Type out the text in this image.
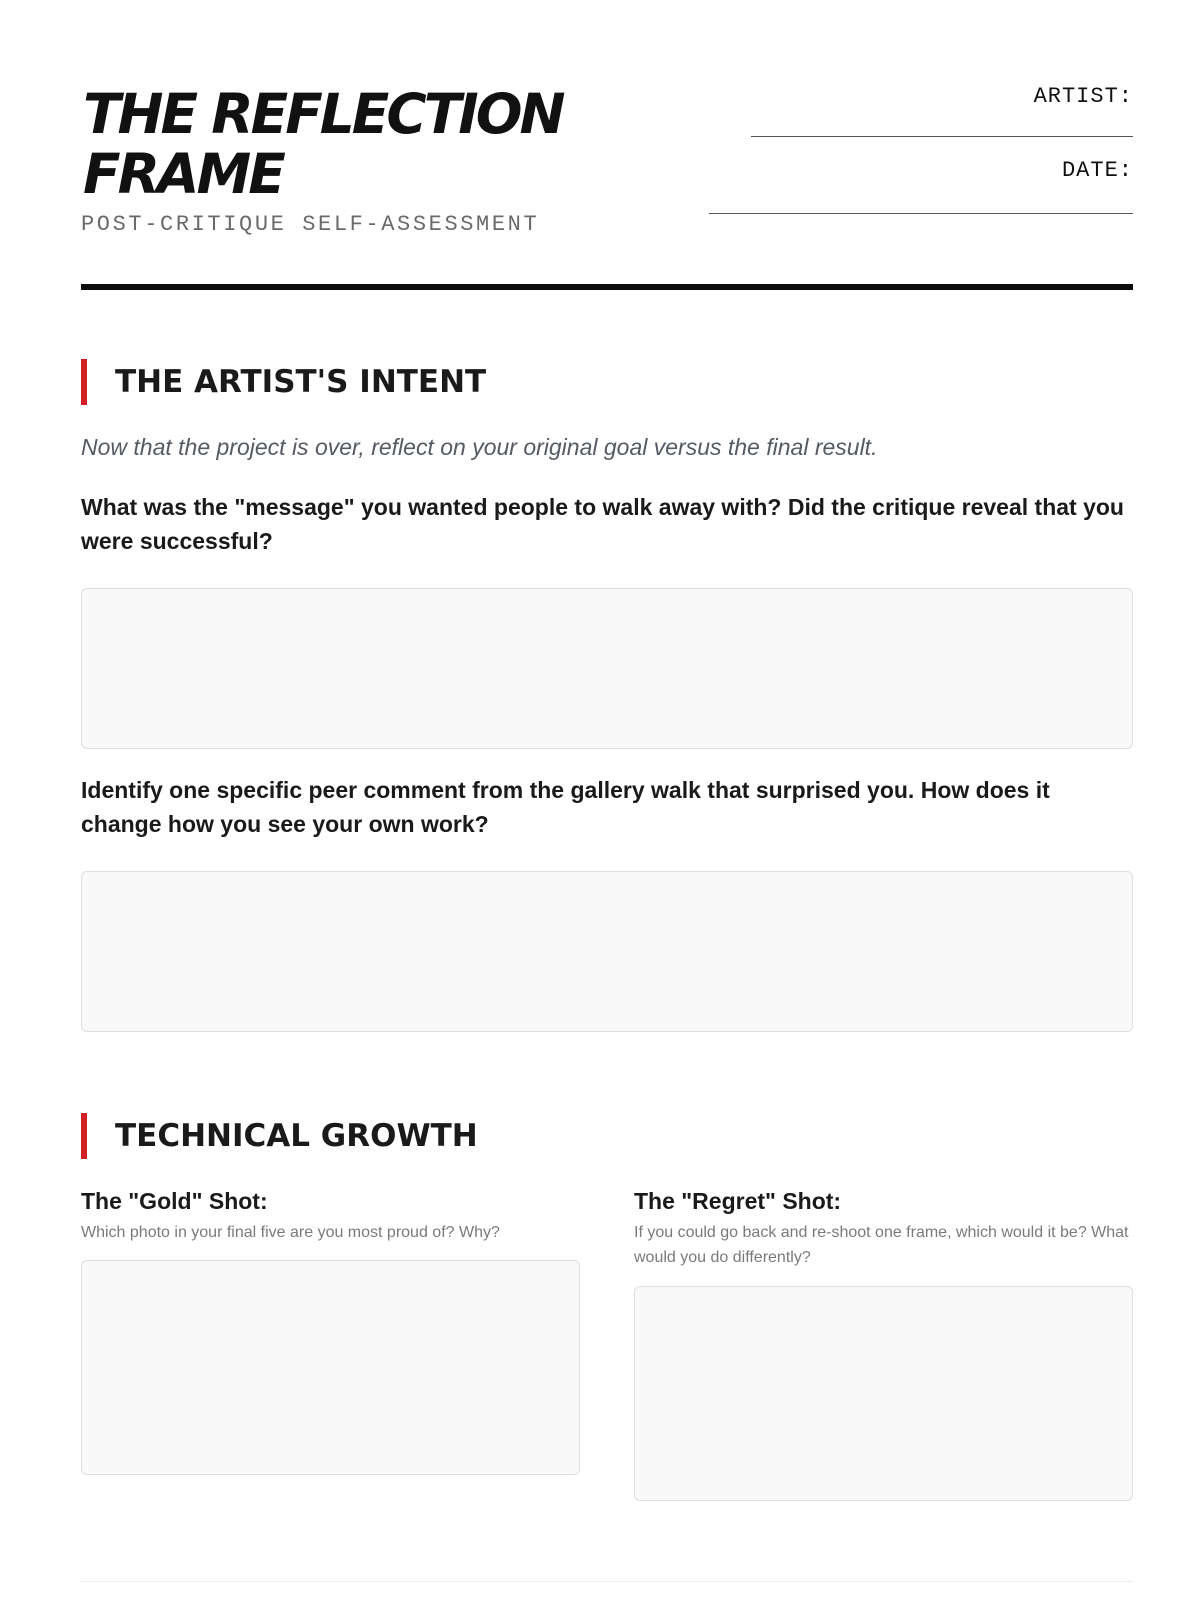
THE REFLECTION FRAME
POST-CRITIQUE SELF-ASSESSMENT
ARTIST:
DATE:
THE ARTIST'S INTENT
Now that the project is over, reflect on your original goal versus the final result.
What was the "message" you wanted people to walk away with? Did the critique reveal that you were successful?
Identify one specific peer comment from the gallery walk that surprised you. How does it change how you see your own work?
TECHNICAL GROWTH
The "Gold" Shot:
Which photo in your final five are you most proud of? Why?
The "Regret" Shot:
If you could go back and re-shoot one frame, which would it be? What would you do differently?
